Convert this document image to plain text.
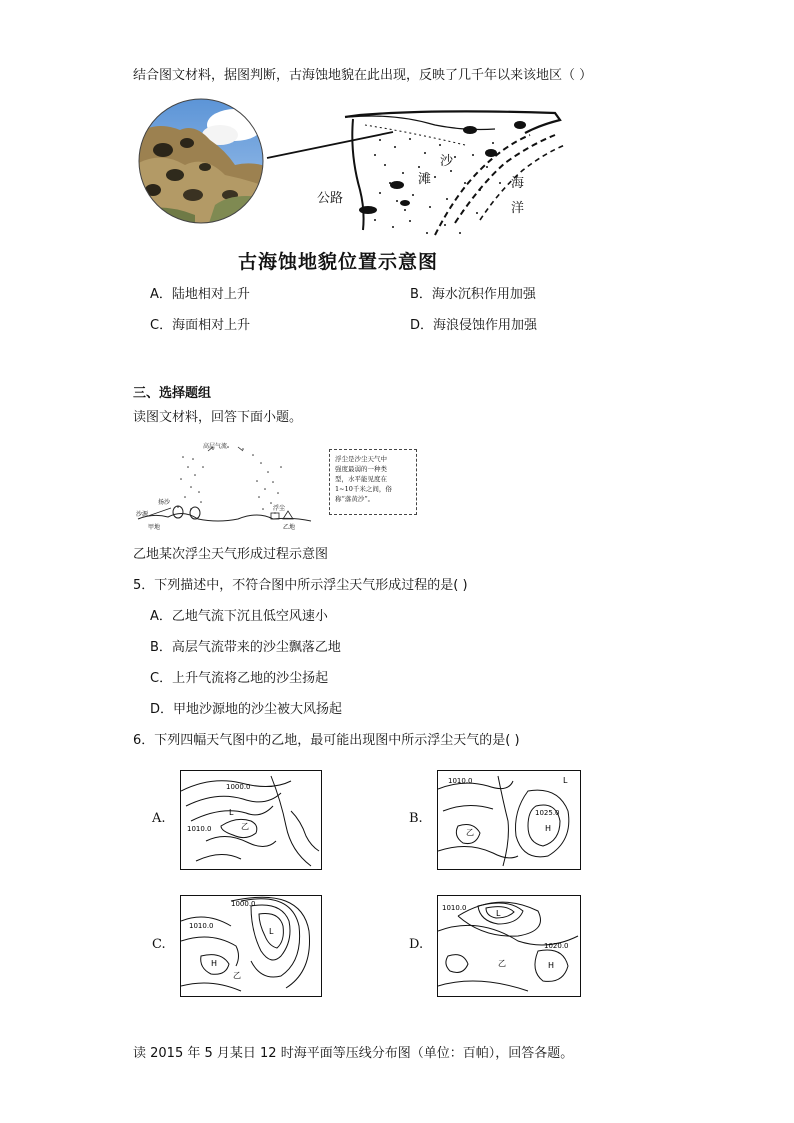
结合图文材料，据图判断，古海蚀地貌在此出现，反映了几千年以来该地区（ ）
公路
沙
滩	海
洋
古海蚀地貌位置示意图
A．陆地相对上升	B．海水沉积作用加强
C．海面相对上升	D．海浪侵蚀作用加强
三、选择题组
读图文材料，回答下面小题。
高层气流
扬沙
沙源
甲地
浮尘
乙地
浮尘是沙尘天气中
强度最弱的一种类
型，水平能见度在
1~10千米之间，俗
称“落黄沙”。
乙地某次浮尘天气形成过程示意图
5．下列描述中，不符合图中所示浮尘天气形成过程的是( )
A．乙地气流下沉且低空风速小
B．高层气流带来的沙尘飘落乙地
C．上升气流将乙地的沙尘扬起
D．甲地沙源地的沙尘被大风扬起
6．下列四幅天气图中的乙地，最可能出现图中所示浮尘天气的是( )
A.
1010.0
1000.0
乙
L	B.
1010.0
1025.0
H
乙
L
C.
1010.0
1000.0
L
H
乙
D.
1010.0
1020.0
H
乙
L
读 2015 年 5 月某日 12 时海平面等压线分布图（单位：百帕），回答各题。
